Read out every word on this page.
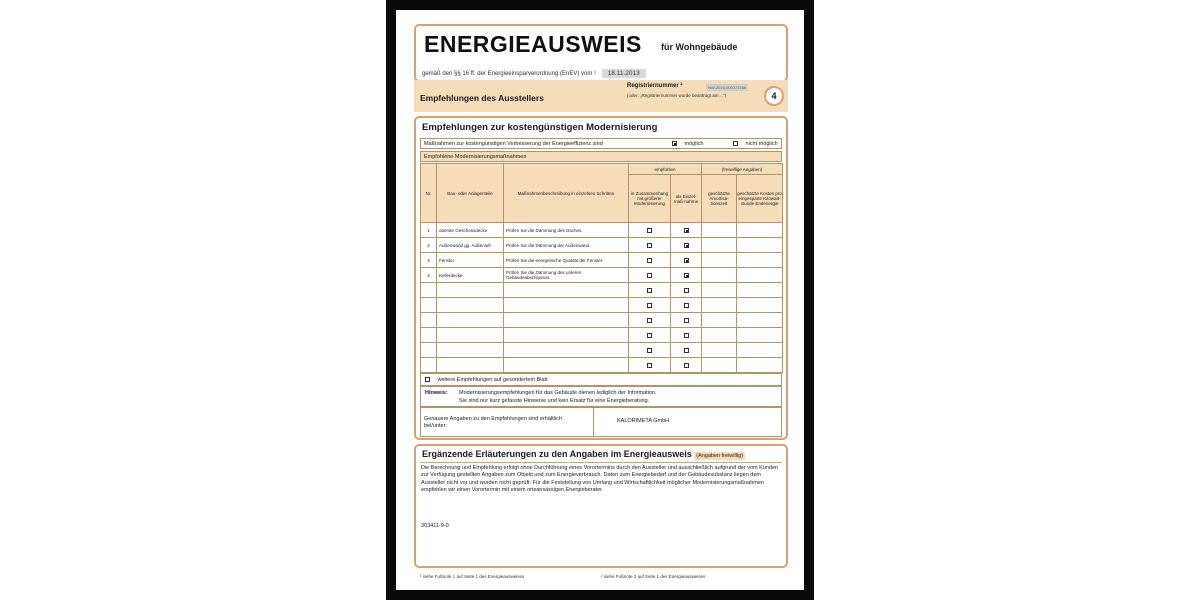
ENERGIEAUSWEIS für Wohngebäude
gemäß den §§ 16 ff. der Energieeinsparverordnung (EnEV) vom ¹ 18.11.2013
Empfehlungen des Ausstellers
Registriernummer ²	NW-2016-000373766
(oder: „Registriernummer wurde beantragt am…")	4
Empfehlungen zur kostengünstigen Modernisierung
Maßnahmen zur kostengünstigen Verbesserung der Energieeffizienz sind	möglich	nicht möglich
Empfohlene Modernisierungsmaßnahmen
Nr.	Bau- oder Anlagenteile	Maßnahmenbeschreibung in einzelnen Schritten	empfohlen		(freiwillige Angaben)	
			in Zusammenhang mit größerer Modernisierung	als Einzel-maß-nahme	geschätzte Amortisa-tionszeit	geschätzte Kosten pro eingesparte Kilowatt-stunde Endenergie
1	oberste Geschossdecke	Prüfen Sie die Dämmung des Daches.				
2	Außenwand gg. Außenluft	Prüfen Sie die Dämmung der Außenwand.				
3	Fenster	Prüfen Sie die energetische Qualität der Fenster.				
4	Kellerdecke	Prüfen Sie die Dämmung des unteren Gebäudeabschlusses.				

weitere Empfehlungen auf gesondertem Blatt
Hinweis: Modernisierungsempfehlungen für das Gebäude dienen lediglich der Information.
Sie sind nur kurz gefasste Hinweise und kein Ersatz für eine Energieberatung.
Genauere Angaben zu den Empfehlungen sind erhältlich bei/unter:
KALORIMETA GmbH
Ergänzende Erläuterungen zu den Angaben im Energieausweis (Angaben freiwillig)
Die Berechnung und Empfehlung erfolgt ohne Durchführung eines Vorortermins durch den Aussteller und ausschließlich aufgrund der vom Kunden zur Verfügung gestellten Angaben zum Objekt und zum Energieverbrauch. Daten zum Energiebedarf und der Gebäudesubstanz liegen dem Aussteller nicht vor und wurden nicht geprüft. Für die Feststellung von Umfang und Wirtschaftlichkeit möglicher Modernisierungsmaßnahmen empfehlen wir einen Vorortermin mit einem ortsansässigen Energieberater.
303411-9-0
¹ siehe Fußnote 1 auf Seite 1 des Energieausweises	² siehe Fußnote 2 auf Seite 1 des Energieausweises
